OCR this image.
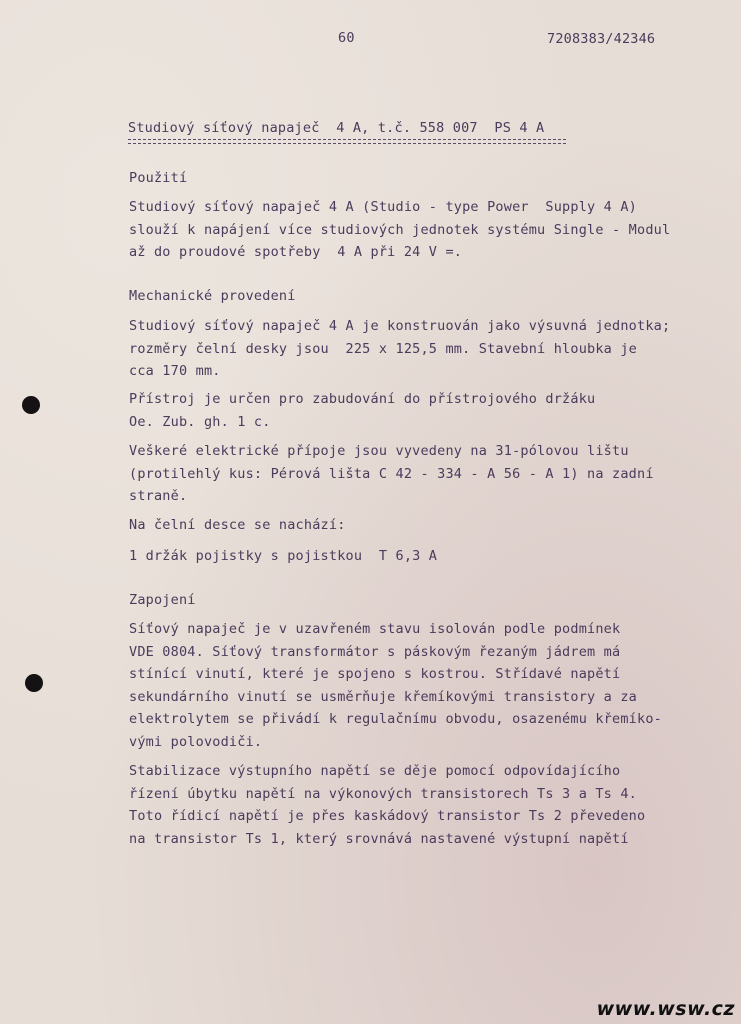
60	7208383/42346
Studiový síťový napaječ  4 A, t.č. 558 007  PS 4 A
Použití
Studiový síťový napaječ 4 A (Studio - type Power  Supply 4 A)
slouží k napájení více studiových jednotek systému Single - Modul
až do proudové spotřeby  4 A při 24 V =.
Mechanické provedení
Studiový síťový napaječ 4 A je konstruován jako výsuvná jednotka;
rozměry čelní desky jsou  225 x 125,5 mm. Stavební hloubka je
cca 170 mm.
Přístroj je určen pro zabudování do přístrojového držáku
Oe. Zub. gh. 1 c.
Veškeré elektrické přípoje jsou vyvedeny na 31-pólovou lištu
(protilehlý kus: Pérová lišta C 42 - 334 - A 56 - A 1) na zadní
straně.
Na čelní desce se nachází:
1 držák pojistky s pojistkou  T 6,3 A
Zapojení
Síťový napaječ je v uzavřeném stavu isolován podle podmínek
VDE 0804. Síťový transformátor s páskovým řezaným jádrem má
stínící vinutí, které je spojeno s kostrou. Střídavé napětí
sekundárního vinutí se usměrňuje křemíkovými transistory a za
elektrolytem se přivádí k regulačnímu obvodu, osazenému křemíko-
vými polovodiči.
Stabilizace výstupního napětí se děje pomocí odpovídajícího
řízení úbytku napětí na výkonových transistorech Ts 3 a Ts 4.
Toto řídicí napětí je přes kaskádový transistor Ts 2 převedeno
na transistor Ts 1, který srovnává nastavené výstupní napětí
www.wsw.cz
